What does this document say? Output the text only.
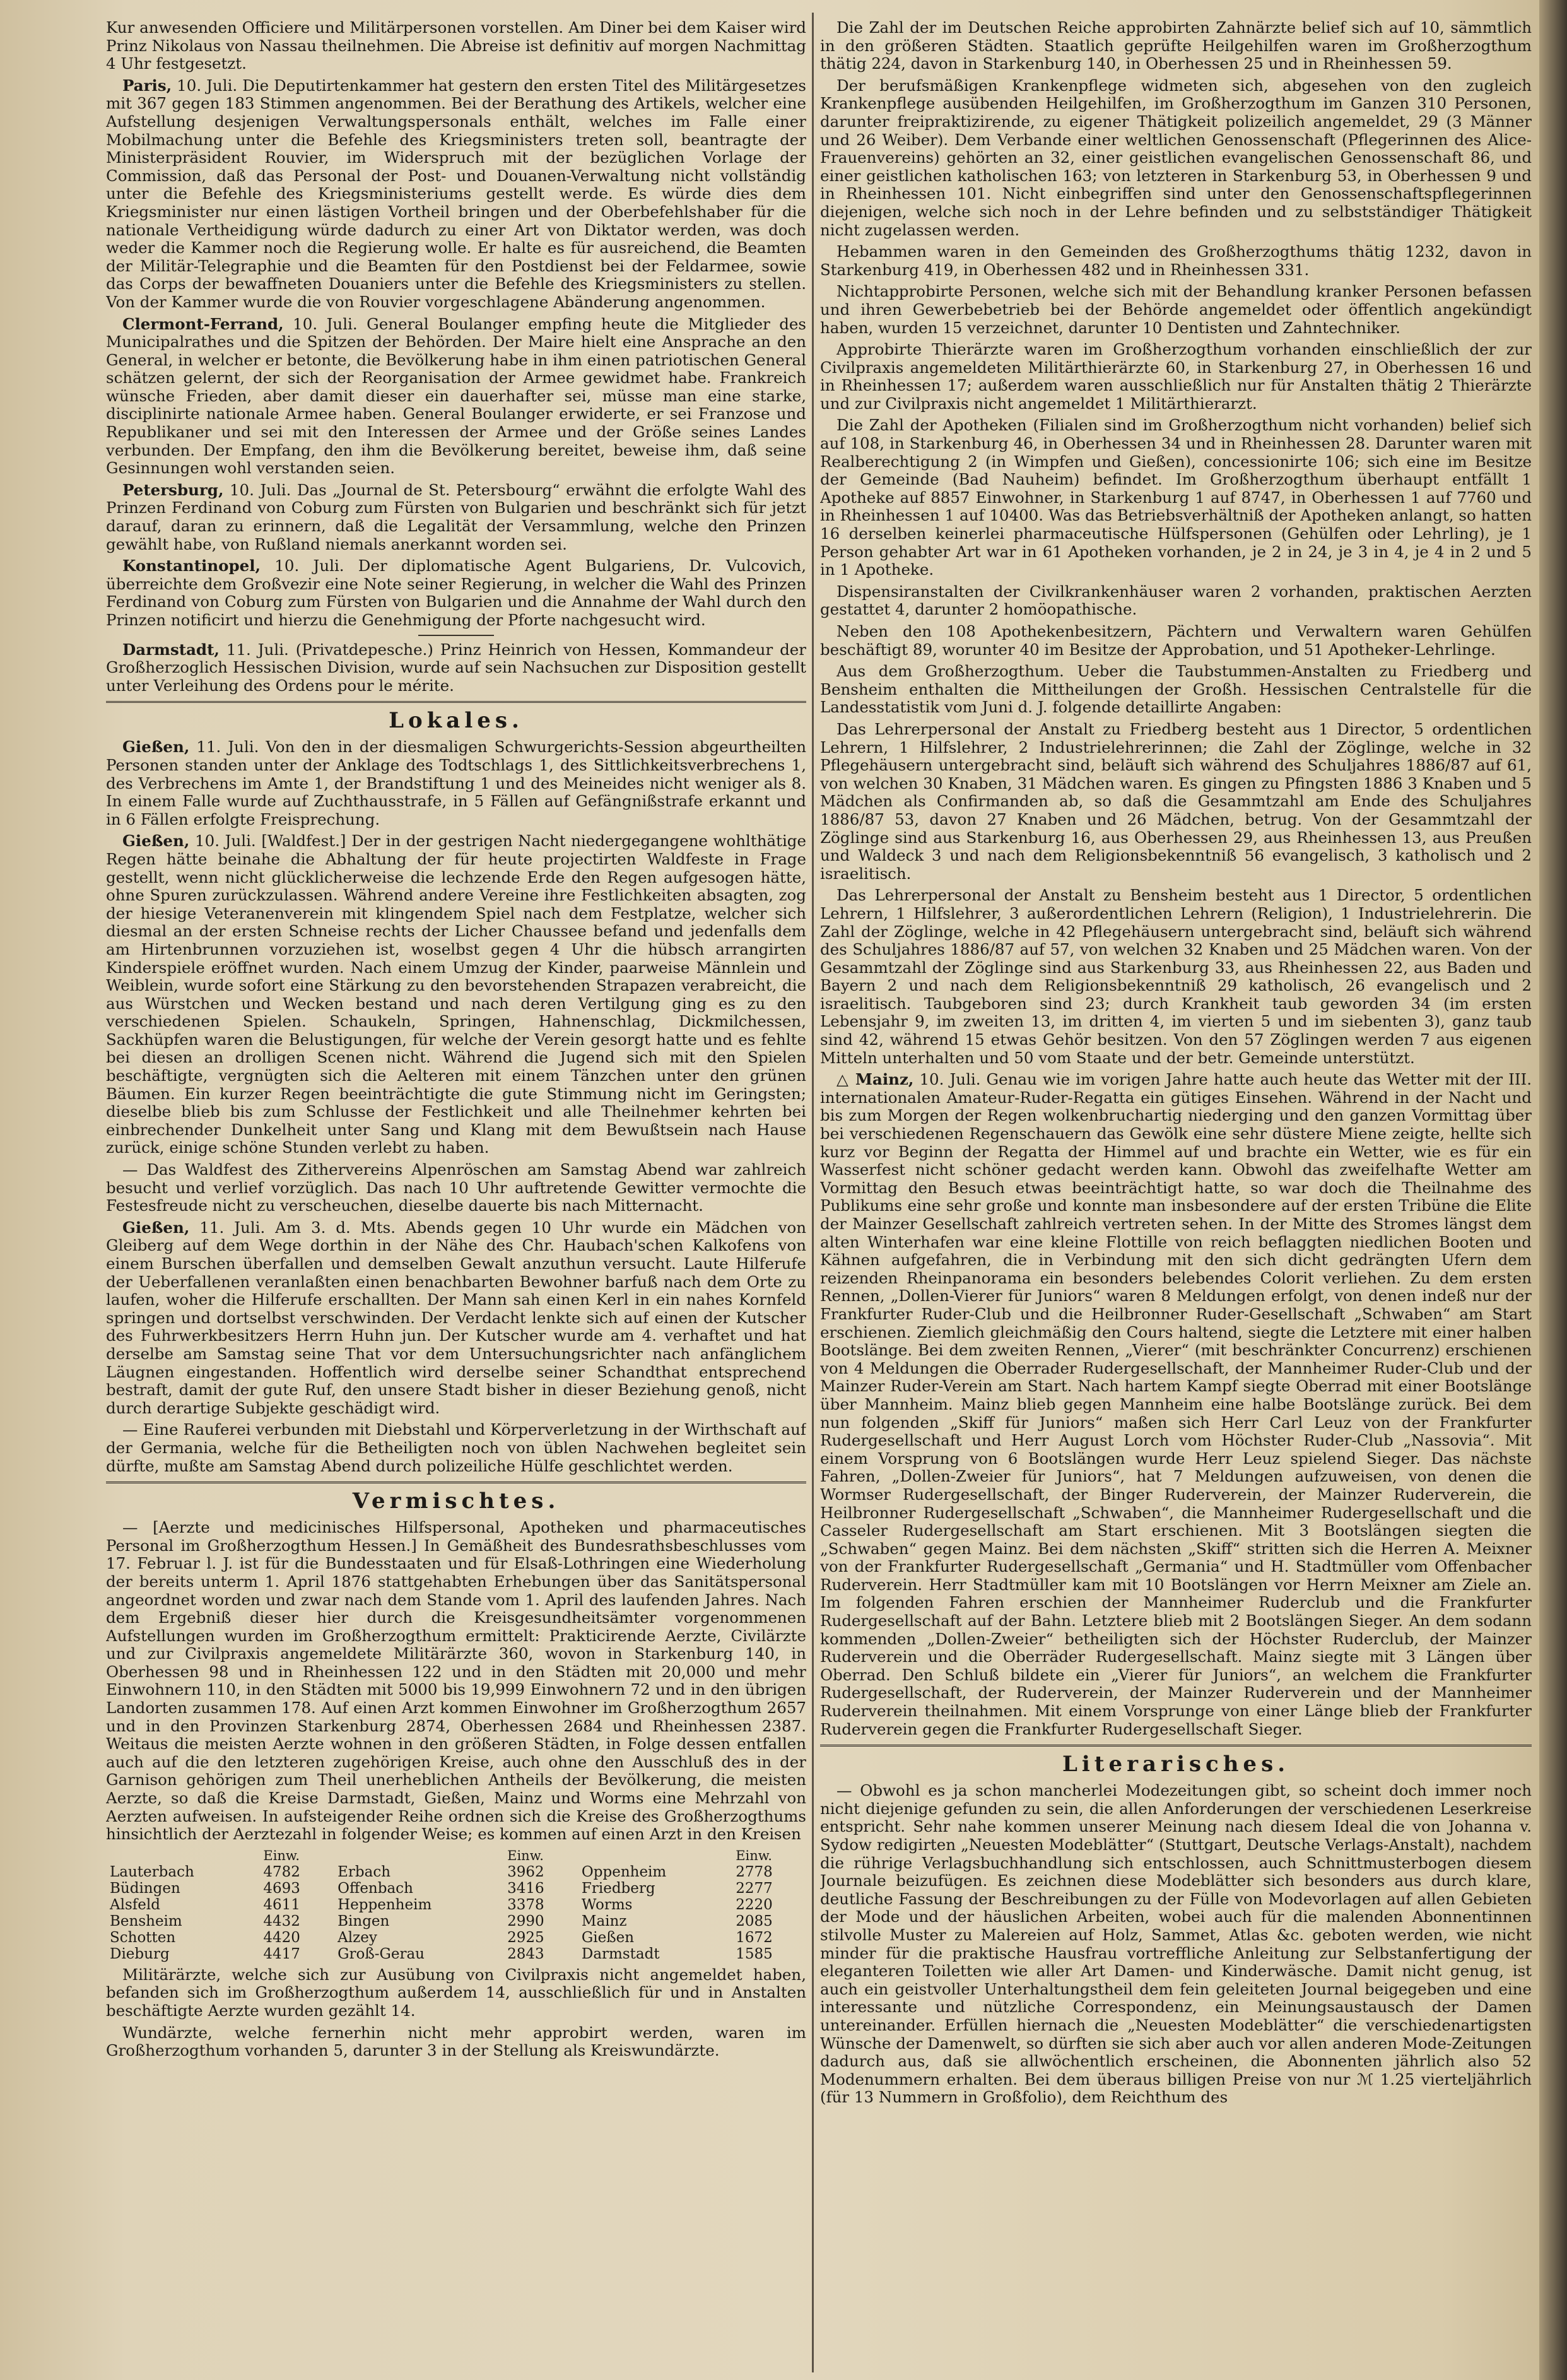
Kur anwesenden Officiere und Militärpersonen vorstellen. Am Diner bei dem Kaiser wird Prinz Nikolaus von Nassau theilnehmen. Die Abreise ist definitiv auf morgen Nachmittag 4 Uhr festgesetzt.

Paris, 10. Juli. Die Deputirtenkammer hat gestern den ersten Titel des Militärgesetzes mit 367 gegen 183 Stimmen angenommen. Bei der Berathung des Artikels, welcher eine Aufstellung desjenigen Verwaltungspersonals enthält, welches im Falle einer Mobilmachung unter die Befehle des Kriegsministers treten soll, beantragte der Ministerpräsident Rouvier, im Widerspruch mit der bezüglichen Vorlage der Commission, daß das Personal der Post- und Douanen-Verwaltung nicht vollständig unter die Befehle des Kriegsministeriums gestellt werde. Es würde dies dem Kriegsminister nur einen lästigen Vortheil bringen und der Oberbefehlshaber für die nationale Vertheidigung würde dadurch zu einer Art von Diktator werden, was doch weder die Kammer noch die Regierung wolle. Er halte es für ausreichend, die Beamten der Militär-Telegraphie und die Beamten für den Postdienst bei der Feldarmee, sowie das Corps der bewaffneten Douaniers unter die Befehle des Kriegsministers zu stellen. Von der Kammer wurde die von Rouvier vorgeschlagene Abänderung angenommen.

Clermont-Ferrand, 10. Juli. General Boulanger empfing heute die Mitglieder des Municipalrathes und die Spitzen der Behörden. Der Maire hielt eine Ansprache an den General, in welcher er betonte, die Bevölkerung habe in ihm einen patriotischen General schätzen gelernt, der sich der Reorganisation der Armee gewidmet habe. Frankreich wünsche Frieden, aber damit dieser ein dauerhafter sei, müsse man eine starke, disciplinirte nationale Armee haben. General Boulanger erwiderte, er sei Franzose und Republikaner und sei mit den Interessen der Armee und der Größe seines Landes verbunden. Der Empfang, den ihm die Bevölkerung bereitet, beweise ihm, daß seine Gesinnungen wohl verstanden seien.

Petersburg, 10. Juli. Das „Journal de St. Petersbourg“ erwähnt die erfolgte Wahl des Prinzen Ferdinand von Coburg zum Fürsten von Bulgarien und beschränkt sich für jetzt darauf, daran zu erinnern, daß die Legalität der Versammlung, welche den Prinzen gewählt habe, von Rußland niemals anerkannt worden sei.

Konstantinopel, 10. Juli. Der diplomatische Agent Bulgariens, Dr. Vulcovich, überreichte dem Großvezir eine Note seiner Regierung, in welcher die Wahl des Prinzen Ferdinand von Coburg zum Fürsten von Bulgarien und die Annahme der Wahl durch den Prinzen notificirt und hierzu die Genehmigung der Pforte nachgesucht wird.

Darmstadt, 11. Juli. (Privatdepesche.) Prinz Heinrich von Hessen, Kommandeur der Großherzoglich Hessischen Division, wurde auf sein Nachsuchen zur Disposition gestellt unter Verleihung des Ordens pour le mérite.

Lokales.

Gießen, 11. Juli. Von den in der diesmaligen Schwurgerichts-Session abgeurtheilten Personen standen unter der Anklage des Todtschlags 1, des Sittlichkeitsverbrechens 1, des Verbrechens im Amte 1, der Brandstiftung 1 und des Meineides nicht weniger als 8. In einem Falle wurde auf Zuchthausstrafe, in 5 Fällen auf Gefängnißstrafe erkannt und in 6 Fällen erfolgte Freisprechung.

Gießen, 10. Juli. [Waldfest.] Der in der gestrigen Nacht niedergegangene wohlthätige Regen hätte beinahe die Abhaltung der für heute projectirten Waldfeste in Frage gestellt, wenn nicht glücklicherweise die lechzende Erde den Regen aufgesogen hätte, ohne Spuren zurückzulassen. Während andere Vereine ihre Festlichkeiten absagten, zog der hiesige Veteranenverein mit klingendem Spiel nach dem Festplatze, welcher sich diesmal an der ersten Schneise rechts der Licher Chaussee befand und jedenfalls dem am Hirtenbrunnen vorzuziehen ist, woselbst gegen 4 Uhr die hübsch arrangirten Kinderspiele eröffnet wurden. Nach einem Umzug der Kinder, paarweise Männlein und Weiblein, wurde sofort eine Stärkung zu den bevorstehenden Strapazen verabreicht, die aus Würstchen und Wecken bestand und nach deren Vertilgung ging es zu den verschiedenen Spielen. Schaukeln, Springen, Hahnenschlag, Dickmilchessen, Sackhüpfen waren die Belustigungen, für welche der Verein gesorgt hatte und es fehlte bei diesen an drolligen Scenen nicht. Während die Jugend sich mit den Spielen beschäftigte, vergnügten sich die Aelteren mit einem Tänzchen unter den grünen Bäumen. Ein kurzer Regen beeinträchtigte die gute Stimmung nicht im Geringsten; dieselbe blieb bis zum Schlusse der Festlichkeit und alle Theilnehmer kehrten bei einbrechender Dunkelheit unter Sang und Klang mit dem Bewußtsein nach Hause zurück, einige schöne Stunden verlebt zu haben.

— Das Waldfest des Zithervereins Alpenröschen am Samstag Abend war zahlreich besucht und verlief vorzüglich. Das nach 10 Uhr auftretende Gewitter vermochte die Festesfreude nicht zu verscheuchen, dieselbe dauerte bis nach Mitternacht.

Gießen, 11. Juli. Am 3. d. Mts. Abends gegen 10 Uhr wurde ein Mädchen von Gleiberg auf dem Wege dorthin in der Nähe des Chr. Haubach'schen Kalkofens von einem Burschen überfallen und demselben Gewalt anzuthun versucht. Laute Hilferufe der Ueberfallenen veranlaßten einen benachbarten Bewohner barfuß nach dem Orte zu laufen, woher die Hilferufe erschallten. Der Mann sah einen Kerl in ein nahes Kornfeld springen und dortselbst verschwinden. Der Verdacht lenkte sich auf einen der Kutscher des Fuhrwerkbesitzers Herrn Huhn jun. Der Kutscher wurde am 4. verhaftet und hat derselbe am Samstag seine That vor dem Untersuchungsrichter nach anfänglichem Läugnen eingestanden. Hoffentlich wird derselbe seiner Schandthat entsprechend bestraft, damit der gute Ruf, den unsere Stadt bisher in dieser Beziehung genoß, nicht durch derartige Subjekte geschädigt wird.

— Eine Rauferei verbunden mit Diebstahl und Körperverletzung in der Wirthschaft auf der Germania, welche für die Betheiligten noch von üblen Nachwehen begleitet sein dürfte, mußte am Samstag Abend durch polizeiliche Hülfe geschlichtet werden.

Vermischtes.

— [Aerzte und medicinisches Hilfspersonal, Apotheken und pharmaceutisches Personal im Großherzogthum Hessen.] In Gemäßheit des Bundesrathsbeschlusses vom 17. Februar l. J. ist für die Bundesstaaten und für Elsaß-Lothringen eine Wiederholung der bereits unterm 1. April 1876 stattgehabten Erhebungen über das Sanitätspersonal angeordnet worden und zwar nach dem Stande vom 1. April des laufenden Jahres. Nach dem Ergebniß dieser hier durch die Kreisgesundheitsämter vorgenommenen Aufstellungen wurden im Großherzogthum ermittelt: Prakticirende Aerzte, Civilärzte und zur Civilpraxis angemeldete Militärärzte 360, wovon in Starkenburg 140, in Oberhessen 98 und in Rheinhessen 122 und in den Städten mit 20,000 und mehr Einwohnern 110, in den Städten mit 5000 bis 19,999 Einwohnern 72 und in den übrigen Landorten zusammen 178. Auf einen Arzt kommen Einwohner im Großherzogthum 2657 und in den Provinzen Starkenburg 2874, Oberhessen 2684 und Rheinhessen 2387. Weitaus die meisten Aerzte wohnen in den größeren Städten, in Folge dessen entfallen auch auf die den letzteren zugehörigen Kreise, auch ohne den Ausschluß des in der Garnison gehörigen zum Theil unerheblichen Antheils der Bevölkerung, die meisten Aerzte, so daß die Kreise Darmstadt, Gießen, Mainz und Worms eine Mehrzahl von Aerzten aufweisen. In aufsteigender Reihe ordnen sich die Kreise des Großherzogthums hinsichtlich der Aerztezahl in folgender Weise; es kommen auf einen Arzt in den Kreisen

	Einw.		Einw.		Einw.
Lauterbach	4782	Erbach	3962	Oppenheim	2778
Büdingen	4693	Offenbach	3416	Friedberg	2277
Alsfeld	4611	Heppenheim	3378	Worms	2220
Bensheim	4432	Bingen	2990	Mainz	2085
Schotten	4420	Alzey	2925	Gießen	1672
Dieburg	4417	Groß-Gerau	2843	Darmstadt	1585

Militärärzte, welche sich zur Ausübung von Civilpraxis nicht angemeldet haben, befanden sich im Großherzogthum außerdem 14, ausschließlich für und in Anstalten beschäftigte Aerzte wurden gezählt 14.

Wundärzte, welche fernerhin nicht mehr approbirt werden, waren im Großherzogthum vorhanden 5, darunter 3 in der Stellung als Kreiswundärzte.

Die Zahl der im Deutschen Reiche approbirten Zahnärzte belief sich auf 10, sämmtlich in den größeren Städten. Staatlich geprüfte Heilgehilfen waren im Großherzogthum thätig 224, davon in Starkenburg 140, in Oberhessen 25 und in Rheinhessen 59.

Der berufsmäßigen Krankenpflege widmeten sich, abgesehen von den zugleich Krankenpflege ausübenden Heilgehilfen, im Großherzogthum im Ganzen 310 Personen, darunter freipraktizirende, zu eigener Thätigkeit polizeilich angemeldet, 29 (3 Männer und 26 Weiber). Dem Verbande einer weltlichen Genossenschaft (Pflegerinnen des Alice-Frauenvereins) gehörten an 32, einer geistlichen evangelischen Genossenschaft 86, und einer geistlichen katholischen 163; von letzteren in Starkenburg 53, in Oberhessen 9 und in Rheinhessen 101. Nicht einbegriffen sind unter den Genossenschaftspflegerinnen diejenigen, welche sich noch in der Lehre befinden und zu selbstständiger Thätigkeit nicht zugelassen werden.

Hebammen waren in den Gemeinden des Großherzogthums thätig 1232, davon in Starkenburg 419, in Oberhessen 482 und in Rheinhessen 331.

Nichtapprobirte Personen, welche sich mit der Behandlung kranker Personen befassen und ihren Gewerbebetrieb bei der Behörde angemeldet oder öffentlich angekündigt haben, wurden 15 verzeichnet, darunter 10 Dentisten und Zahntechniker.

Approbirte Thierärzte waren im Großherzogthum vorhanden einschließlich der zur Civilpraxis angemeldeten Militärthierärzte 60, in Starkenburg 27, in Oberhessen 16 und in Rheinhessen 17; außerdem waren ausschließlich nur für Anstalten thätig 2 Thierärzte und zur Civilpraxis nicht angemeldet 1 Militärthierarzt.

Die Zahl der Apotheken (Filialen sind im Großherzogthum nicht vorhanden) belief sich auf 108, in Starkenburg 46, in Oberhessen 34 und in Rheinhessen 28. Darunter waren mit Realberechtigung 2 (in Wimpfen und Gießen), concessionirte 106; sich eine im Besitze der Gemeinde (Bad Nauheim) befindet. Im Großherzogthum überhaupt entfällt 1 Apotheke auf 8857 Einwohner, in Starkenburg 1 auf 8747, in Oberhessen 1 auf 7760 und in Rheinhessen 1 auf 10400. Was das Betriebsverhältniß der Apotheken anlangt, so hatten 16 derselben keinerlei pharmaceutische Hülfspersonen (Gehülfen oder Lehrling), je 1 Person gehabter Art war in 61 Apotheken vorhanden, je 2 in 24, je 3 in 4, je 4 in 2 und 5 in 1 Apotheke.

Dispensiranstalten der Civilkrankenhäuser waren 2 vorhanden, praktischen Aerzten gestattet 4, darunter 2 homöopathische.

Neben den 108 Apothekenbesitzern, Pächtern und Verwaltern waren Gehülfen beschäftigt 89, worunter 40 im Besitze der Approbation, und 51 Apotheker-Lehrlinge.

Aus dem Großherzogthum. Ueber die Taubstummen-Anstalten zu Friedberg und Bensheim enthalten die Mittheilungen der Großh. Hessischen Centralstelle für die Landesstatistik vom Juni d. J. folgende detaillirte Angaben:

Das Lehrerpersonal der Anstalt zu Friedberg besteht aus 1 Director, 5 ordentlichen Lehrern, 1 Hilfslehrer, 2 Industrielehrerinnen; die Zahl der Zöglinge, welche in 32 Pflegehäusern untergebracht sind, beläuft sich während des Schuljahres 1886/87 auf 61, von welchen 30 Knaben, 31 Mädchen waren. Es gingen zu Pfingsten 1886 3 Knaben und 5 Mädchen als Confirmanden ab, so daß die Gesammtzahl am Ende des Schuljahres 1886/87 53, davon 27 Knaben und 26 Mädchen, betrug. Von der Gesammtzahl der Zöglinge sind aus Starkenburg 16, aus Oberhessen 29, aus Rheinhessen 13, aus Preußen und Waldeck 3 und nach dem Religionsbekenntniß 56 evangelisch, 3 katholisch und 2 israelitisch.

Das Lehrerpersonal der Anstalt zu Bensheim besteht aus 1 Director, 5 ordentlichen Lehrern, 1 Hilfslehrer, 3 außerordentlichen Lehrern (Religion), 1 Industrielehrerin. Die Zahl der Zöglinge, welche in 42 Pflegehäusern untergebracht sind, beläuft sich während des Schuljahres 1886/87 auf 57, von welchen 32 Knaben und 25 Mädchen waren. Von der Gesammtzahl der Zöglinge sind aus Starkenburg 33, aus Rheinhessen 22, aus Baden und Bayern 2 und nach dem Religionsbekenntniß 29 katholisch, 26 evangelisch und 2 israelitisch. Taubgeboren sind 23; durch Krankheit taub geworden 34 (im ersten Lebensjahr 9, im zweiten 13, im dritten 4, im vierten 5 und im siebenten 3), ganz taub sind 42, während 15 etwas Gehör besitzen. Von den 57 Zöglingen werden 7 aus eigenen Mitteln unterhalten und 50 vom Staate und der betr. Gemeinde unterstützt.

△ Mainz, 10. Juli. Genau wie im vorigen Jahre hatte auch heute das Wetter mit der III. internationalen Amateur-Ruder-Regatta ein gütiges Einsehen. Während in der Nacht und bis zum Morgen der Regen wolkenbruchartig niederging und den ganzen Vormittag über bei verschiedenen Regenschauern das Gewölk eine sehr düstere Miene zeigte, hellte sich kurz vor Beginn der Regatta der Himmel auf und brachte ein Wetter, wie es für ein Wasserfest nicht schöner gedacht werden kann. Obwohl das zweifelhafte Wetter am Vormittag den Besuch etwas beeinträchtigt hatte, so war doch die Theilnahme des Publikums eine sehr große und konnte man insbesondere auf der ersten Tribüne die Elite der Mainzer Gesellschaft zahlreich vertreten sehen. In der Mitte des Stromes längst dem alten Winterhafen war eine kleine Flottille von reich beflaggten niedlichen Booten und Kähnen aufgefahren, die in Verbindung mit den sich dicht gedrängten Ufern dem reizenden Rheinpanorama ein besonders belebendes Colorit verliehen. Zu dem ersten Rennen, „Dollen-Vierer für Juniors“ waren 8 Meldungen erfolgt, von denen indeß nur der Frankfurter Ruder-Club und die Heilbronner Ruder-Gesellschaft „Schwaben“ am Start erschienen. Ziemlich gleichmäßig den Cours haltend, siegte die Letztere mit einer halben Bootslänge. Bei dem zweiten Rennen, „Vierer“ (mit beschränkter Concurrenz) erschienen von 4 Meldungen die Oberrader Rudergesellschaft, der Mannheimer Ruder-Club und der Mainzer Ruder-Verein am Start. Nach hartem Kampf siegte Oberrad mit einer Bootslänge über Mannheim. Mainz blieb gegen Mannheim eine halbe Bootslänge zurück. Bei dem nun folgenden „Skiff für Juniors“ maßen sich Herr Carl Leuz von der Frankfurter Rudergesellschaft und Herr August Lorch vom Höchster Ruder-Club „Nassovia“. Mit einem Vorsprung von 6 Bootslängen wurde Herr Leuz spielend Sieger. Das nächste Fahren, „Dollen-Zweier für Juniors“, hat 7 Meldungen aufzuweisen, von denen die Wormser Rudergesellschaft, der Binger Ruderverein, der Mainzer Ruderverein, die Heilbronner Rudergesellschaft „Schwaben“, die Mannheimer Rudergesellschaft und die Casseler Rudergesellschaft am Start erschienen. Mit 3 Bootslängen siegten die „Schwaben“ gegen Mainz. Bei dem nächsten „Skiff“ stritten sich die Herren A. Meixner von der Frankfurter Rudergesellschaft „Germania“ und H. Stadtmüller vom Offenbacher Ruderverein. Herr Stadtmüller kam mit 10 Bootslängen vor Herrn Meixner am Ziele an. Im folgenden Fahren erschien der Mannheimer Ruderclub und die Frankfurter Rudergesellschaft auf der Bahn. Letztere blieb mit 2 Bootslängen Sieger. An dem sodann kommenden „Dollen-Zweier“ betheiligten sich der Höchster Ruderclub, der Mainzer Ruderverein und die Oberräder Rudergesellschaft. Mainz siegte mit 3 Längen über Oberrad. Den Schluß bildete ein „Vierer für Juniors“, an welchem die Frankfurter Rudergesellschaft, der Ruderverein, der Mainzer Ruderverein und der Mannheimer Ruderverein theilnahmen. Mit einem Vorsprunge von einer Länge blieb der Frankfurter Ruderverein gegen die Frankfurter Rudergesellschaft Sieger.

Literarisches.

— Obwohl es ja schon mancherlei Modezeitungen gibt, so scheint doch immer noch nicht diejenige gefunden zu sein, die allen Anforderungen der verschiedenen Leserkreise entspricht. Sehr nahe kommen unserer Meinung nach diesem Ideal die von Johanna v. Sydow redigirten „Neuesten Modeblätter“ (Stuttgart, Deutsche Verlags-Anstalt), nachdem die rührige Verlagsbuchhandlung sich entschlossen, auch Schnittmusterbogen diesem Journale beizufügen. Es zeichnen diese Modeblätter sich besonders aus durch klare, deutliche Fassung der Beschreibungen zu der Fülle von Modevorlagen auf allen Gebieten der Mode und der häuslichen Arbeiten, wobei auch für die malenden Abonnentinnen stilvolle Muster zu Malereien auf Holz, Sammet, Atlas &c. geboten werden, wie nicht minder für die praktische Hausfrau vortreffliche Anleitung zur Selbstanfertigung der eleganteren Toiletten wie aller Art Damen- und Kinderwäsche. Damit nicht genug, ist auch ein geistvoller Unterhaltungstheil dem fein geleiteten Journal beigegeben und eine interessante und nützliche Correspondenz, ein Meinungsaustausch der Damen untereinander. Erfüllen hiernach die „Neuesten Modeblätter“ die verschiedenartigsten Wünsche der Damenwelt, so dürften sie sich aber auch vor allen anderen Mode-Zeitungen dadurch aus, daß sie allwöchentlich erscheinen, die Abonnenten jährlich also 52 Modenummern erhalten. Bei dem überaus billigen Preise von nur ℳ 1.25 vierteljährlich (für 13 Nummern in Großfolio), dem Reichthum des
